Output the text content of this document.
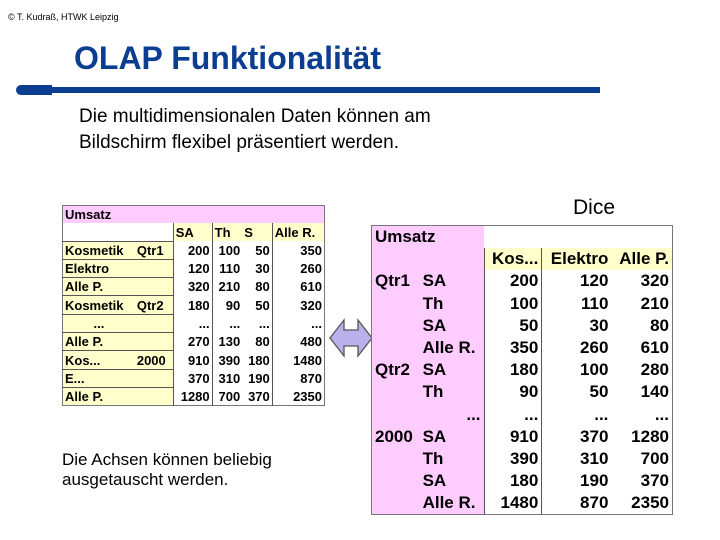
© T. Kudraß, HTWK Leipzig
OLAP Funktionalität
Die multidimensionalen Daten können am Bildschirm flexibel präsentiert werden.
Dice
Umsatz					
		SA	Th	S	Alle R.
Kosmetik	Qtr1	200	100	50	350
Elektro		120	110	30	260
Alle P.		320	210	80	610
Kosmetik	Qtr2	180	90	50	320
...		...	...	...	...
Alle P.		270	130	80	480
Kos...	2000	910	390	180	1480
E...		370	310	190	870
Alle P.		1280	700	370	2350
Umsatz				
		Kos...	Elektro	Alle P.
Qtr1	SA	200	120	320
	Th	100	110	210
	SA	50	30	80
	Alle R.	350	260	610
Qtr2	SA	180	100	280
	Th	90	50	140
	...	...	...	...
2000	SA	910	370	1280
	Th	390	310	700
	SA	180	190	370
	Alle R.	1480	870	2350
Die Achsen können beliebig ausgetauscht werden.
